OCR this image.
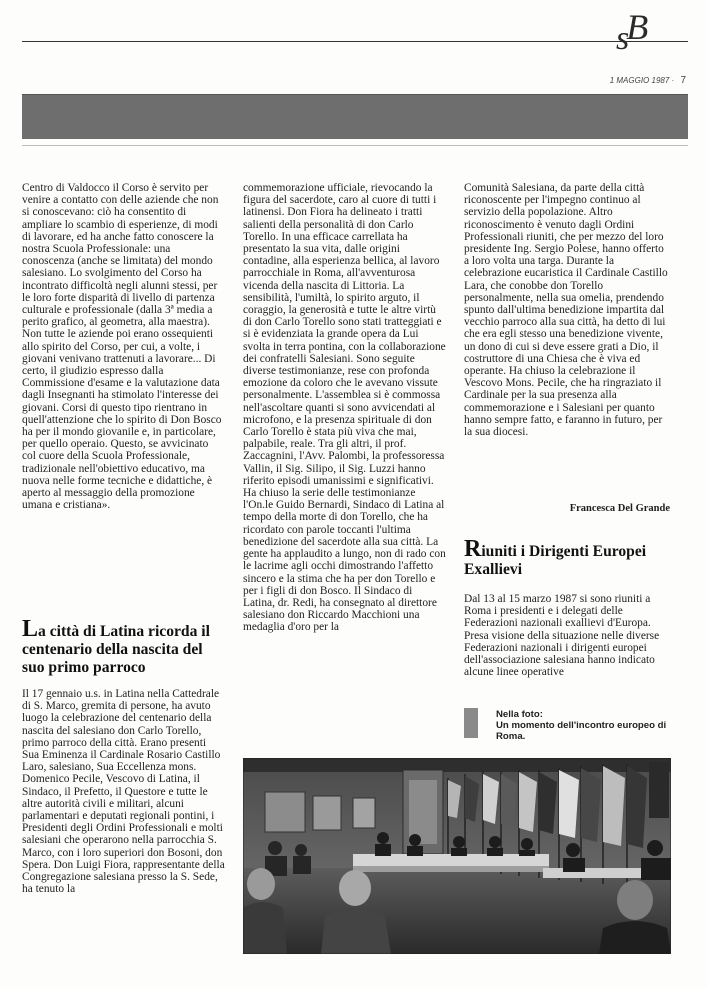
sB
1 MAGGIO 1987 · 7

Centro di Valdocco il Corso è servito per venire a contatto con delle aziende che non si conoscevano: ciò ha consentito di ampliare lo scambio di esperienze, di modi di lavorare, ed ha anche fatto conoscere la nostra Scuola Professionale: una conoscenza (anche se limitata) del mondo salesiano. Lo svolgimento del Corso ha incontrato difficoltà negli alunni stessi, per le loro forte disparità di livello di partenza culturale e professionale (dalla 3ª media a perito grafico, al geometra, alla maestra). Non tutte le aziende poi erano ossequienti allo spirito del Corso, per cui, a volte, i giovani venivano trattenuti a lavorare... Di certo, il giudizio espresso dalla Commissione d'esame e la valutazione data dagli Insegnanti ha stimolato l'interesse dei giovani. Corsi di questo tipo rientrano in quell'attenzione che lo spirito di Don Bosco ha per il mondo giovanile e, in particolare, per quello operaio. Questo, se avvicinato col cuore della Scuola Professionale, tradizionale nell'obiettivo educativo, ma nuova nelle forme tecniche e didattiche, è aperto al messaggio della promozione umana e cristiana».

La città di Latina ricorda il centenario della nascita del suo primo parroco

Il 17 gennaio u.s. in Latina nella Cattedrale di S. Marco, gremita di persone, ha avuto luogo la celebrazione del centenario della nascita del salesiano don Carlo Torello, primo parroco della città. Erano presenti Sua Eminenza il Cardinale Rosario Castillo Laro, salesiano, Sua Eccellenza mons. Domenico Pecile, Vescovo di Latina, il Sindaco, il Prefetto, il Questore e tutte le altre autorità civili e militari, alcuni parlamentari e deputati regionali pontini, i Presidenti degli Ordini Professionali e molti salesiani che operarono nella parrocchia S. Marco, con i loro superiori don Bosoni, don Spera. Don Luigi Fiora, rappresentante della Congregazione salesiana presso la S. Sede, ha tenuto la

commemorazione ufficiale, rievocando la figura del sacerdote, caro al cuore di tutti i latinensi. Don Fiora ha delineato i tratti salienti della personalità di don Carlo Torello. In una efficace carrellata ha presentato la sua vita, dalle origini contadine, alla esperienza bellica, al lavoro parrocchiale in Roma, all'avventurosa vicenda della nascita di Littoria. La sensibilità, l'umiltà, lo spirito arguto, il coraggio, la generosità e tutte le altre virtù di don Carlo Torello sono stati tratteggiati e si è evidenziata la grande opera da Lui svolta in terra pontina, con la collaborazione dei confratelli Salesiani. Sono seguite diverse testimonianze, rese con profonda emozione da coloro che le avevano vissute personalmente. L'assemblea si è commossa nell'ascoltare quanti si sono avvicendati al microfono, e la presenza spirituale di don Carlo Torello è stata più viva che mai, palpabile, reale. Tra gli altri, il prof. Zaccagnini, l'Avv. Palombi, la professoressa Vallin, il Sig. Silipo, il Sig. Luzzi hanno riferito episodi umanissimi e significativi. Ha chiuso la serie delle testimonianze l'On.le Guido Bernardi, Sindaco di Latina al tempo della morte di don Torello, che ha ricordato con parole toccanti l'ultima benedizione del sacerdote alla sua città. La gente ha applaudito a lungo, non di rado con le lacrime agli occhi dimostrando l'affetto sincero e la stima che ha per don Torello e per i figli di don Bosco. Il Sindaco di Latina, dr. Redi, ha consegnato al direttore salesiano don Riccardo Macchioni una medaglia d'oro per la

Comunità Salesiana, da parte della città riconoscente per l'impegno continuo al servizio della popolazione. Altro riconoscimento è venuto dagli Ordini Professionali riuniti, che per mezzo del loro presidente Ing. Sergio Polese, hanno offerto a loro volta una targa. Durante la celebrazione eucaristica il Cardinale Castillo Lara, che conobbe don Torello personalmente, nella sua omelia, prendendo spunto dall'ultima benedizione impartita dal vecchio parroco alla sua città, ha detto di lui che era egli stesso una benedizione vivente, un dono di cui si deve essere grati a Dio, il costruttore di una Chiesa che è viva ed operante. Ha chiuso la celebrazione il Vescovo Mons. Pecile, che ha ringraziato il Cardinale per la sua presenza alla commemorazione e i Salesiani per quanto hanno sempre fatto, e faranno in futuro, per la sua diocesi.

Francesca Del Grande
Riuniti i Dirigenti Europei Exallievi

Dal 13 al 15 marzo 1987 si sono riuniti a Roma i presidenti e i delegati delle Federazioni nazionali exallievi d'Europa. Presa visione della situazione nelle diverse Federazioni nazionali i dirigenti europei dell'associazione salesiana hanno indicato alcune linee operative

Nella foto:
Un momento dell'incontro europeo di Roma.
